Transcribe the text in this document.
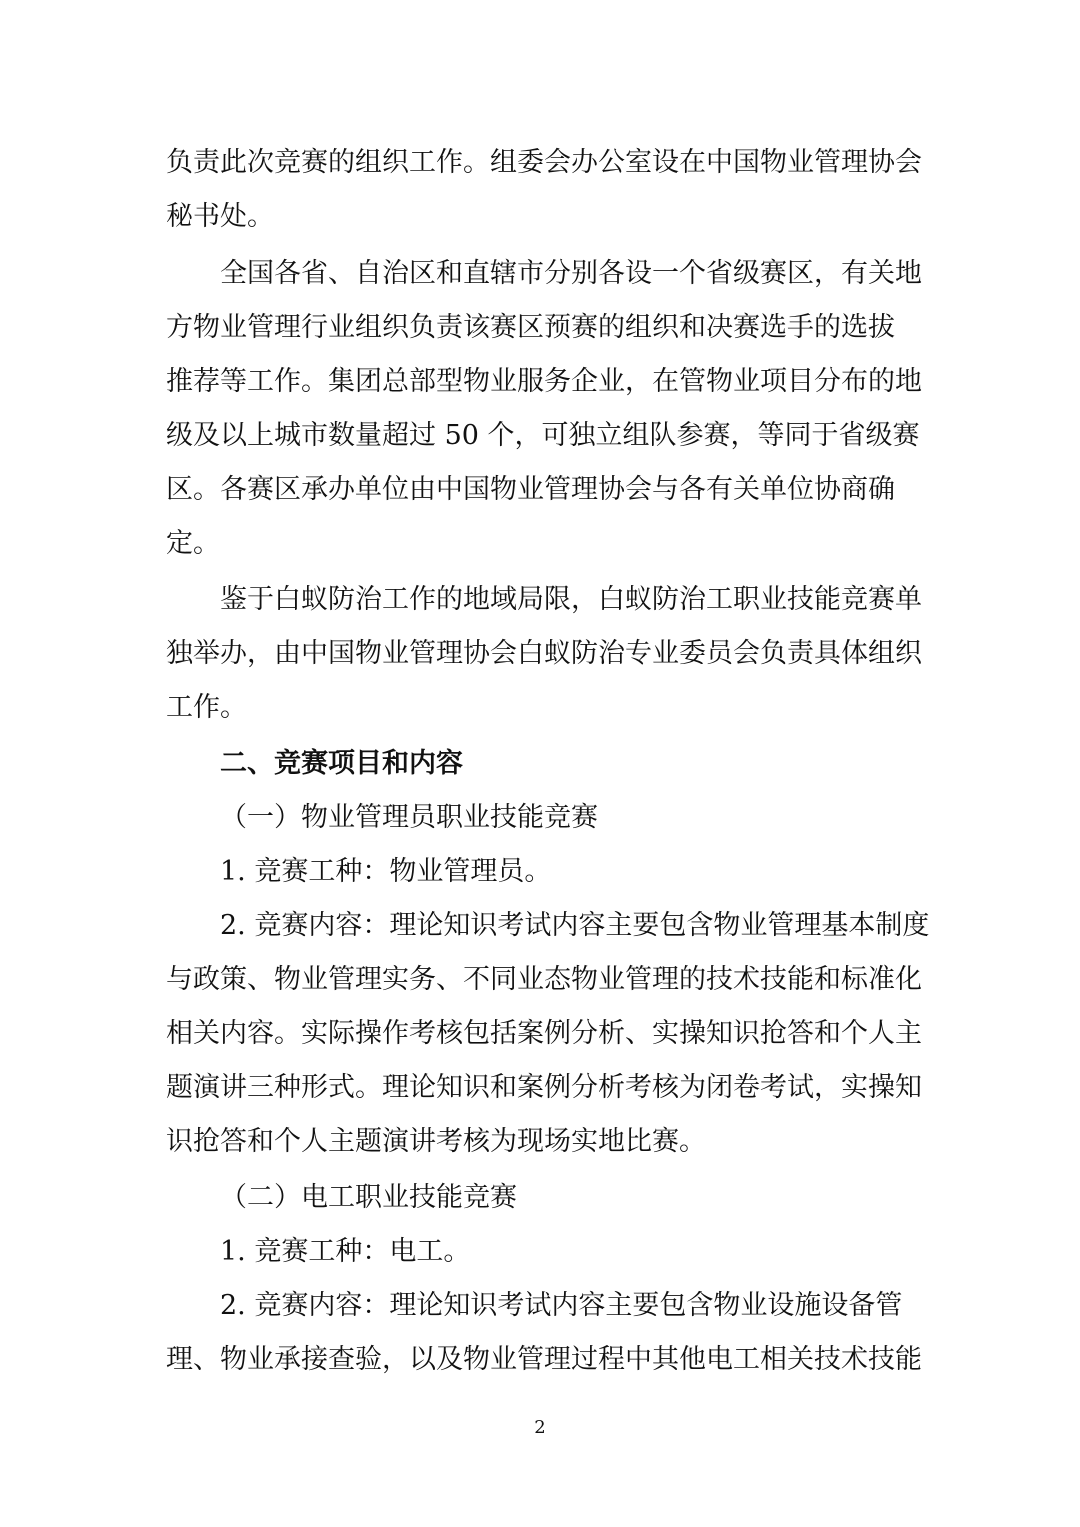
负责此次竞赛的组织工作。组委会办公室设在中国物业管理协会
秘书处。
全国各省、自治区和直辖市分别各设一个省级赛区，有关地
方物业管理行业组织负责该赛区预赛的组织和决赛选手的选拔
推荐等工作。集团总部型物业服务企业，在管物业项目分布的地
级及以上城市数量超过 50 个，可独立组队参赛，等同于省级赛
区。各赛区承办单位由中国物业管理协会与各有关单位协商确
定。
鉴于白蚁防治工作的地域局限，白蚁防治工职业技能竞赛单
独举办，由中国物业管理协会白蚁防治专业委员会负责具体组织
工作。
二、竞赛项目和内容
（一）物业管理员职业技能竞赛
1. 竞赛工种：物业管理员。
2. 竞赛内容：理论知识考试内容主要包含物业管理基本制度
与政策、物业管理实务、不同业态物业管理的技术技能和标准化
相关内容。实际操作考核包括案例分析、实操知识抢答和个人主
题演讲三种形式。理论知识和案例分析考核为闭卷考试，实操知
识抢答和个人主题演讲考核为现场实地比赛。
（二）电工职业技能竞赛
1. 竞赛工种：电工。
2. 竞赛内容：理论知识考试内容主要包含物业设施设备管
理、物业承接查验，以及物业管理过程中其他电工相关技术技能
2
